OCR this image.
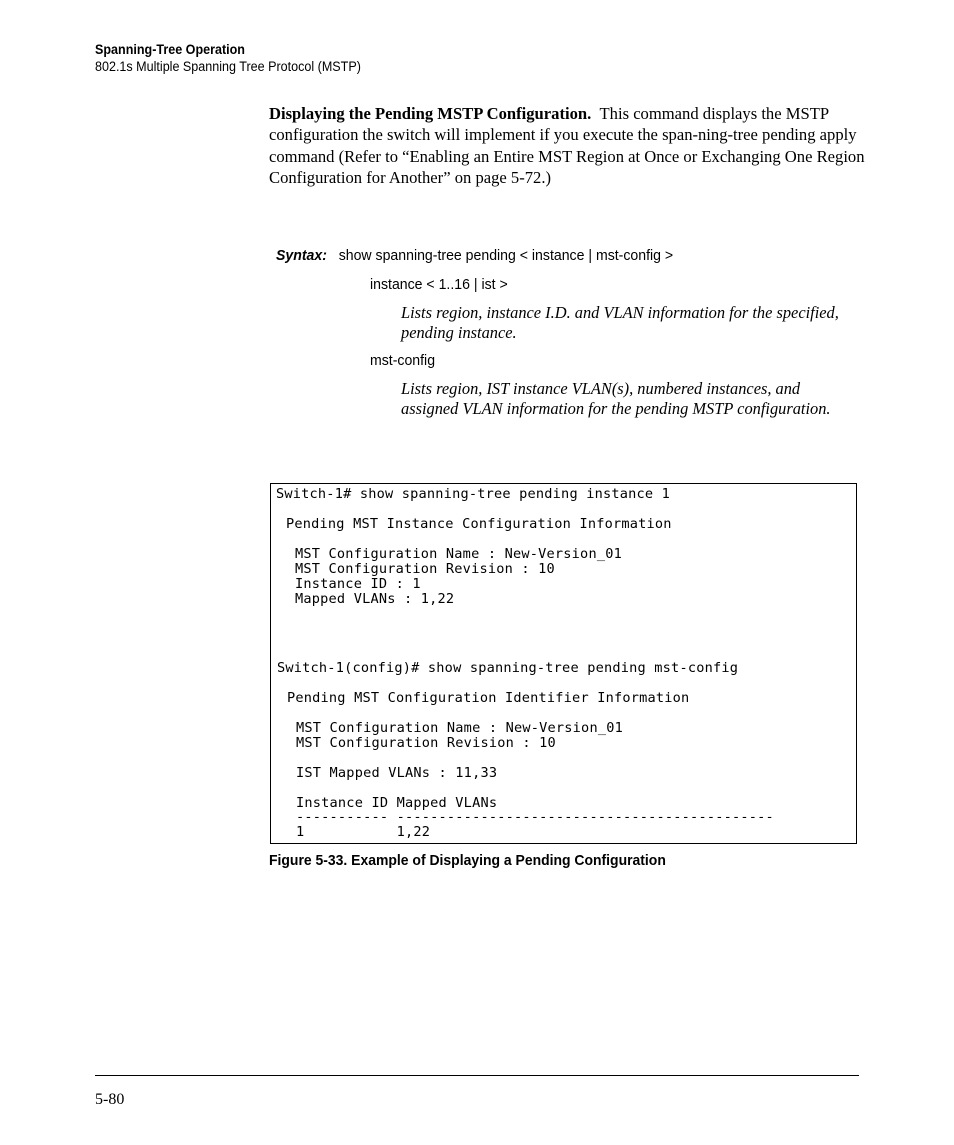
Spanning-Tree Operation
802.1s Multiple Spanning Tree Protocol (MSTP)
Displaying the Pending MSTP Configuration. This command displays the MSTP configuration the switch will implement if you execute the span-ning-tree pending apply command (Refer to “Enabling an Entire MST Region at Once or Exchanging One Region Configuration for Another” on page 5-72.)
Syntax: show spanning-tree pending < instance | mst-config >
instance < 1..16 | ist >
Lists region, instance I.D. and VLAN information for the specified, pending instance.
mst-config
Lists region, IST instance VLAN(s), numbered instances, and assigned VLAN information for the pending MSTP configuration.
Switch-1# show spanning-tree pending instance 1
Pending MST Instance Configuration Information
MST Configuration Name : New-Version_01
MST Configuration Revision : 10
Instance ID : 1
Mapped VLANs : 1,22
Switch-1(config)# show spanning-tree pending mst-config
Pending MST Configuration Identifier Information
MST Configuration Name : New-Version_01
MST Configuration Revision : 10
IST Mapped VLANs : 11,33
Instance ID Mapped VLANs
----------- ---------------------------------------------
1           1,22
Figure 5-33. Example of Displaying a Pending Configuration
5-80
